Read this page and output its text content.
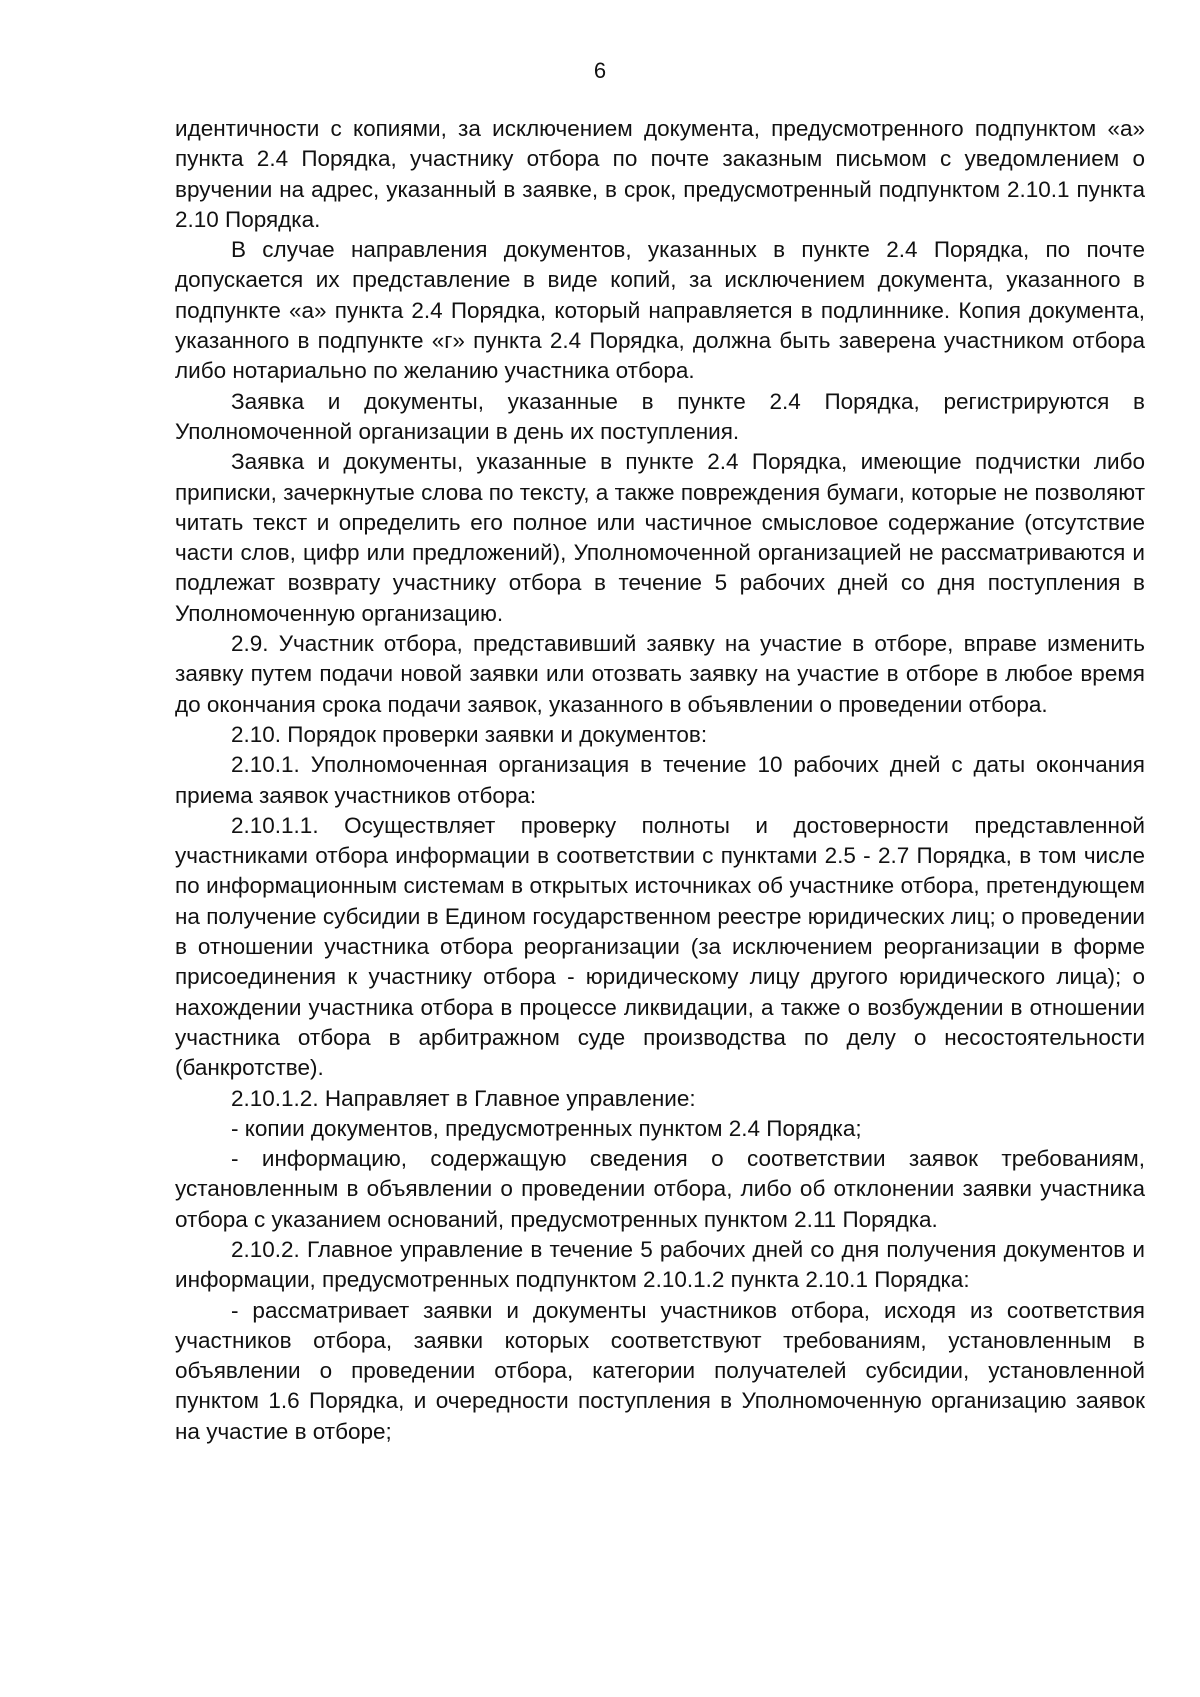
6

идентичности с копиями, за исключением документа, предусмотренного подпунктом «а» пункта 2.4 Порядка, участнику отбора по почте заказным письмом с уведомлением о вручении на адрес, указанный в заявке, в срок, предусмотренный подпунктом 2.10.1 пункта 2.10 Порядка.

В случае направления документов, указанных в пункте 2.4 Порядка, по почте допускается их представление в виде копий, за исключением документа, указанного в подпункте «а» пункта 2.4 Порядка, который направляется в подлиннике. Копия документа, указанного в подпункте «г» пункта 2.4 Порядка, должна быть заверена участником отбора либо нотариально по желанию участника отбора.

Заявка и документы, указанные в пункте 2.4 Порядка, регистрируются в Уполномоченной организации в день их поступления.

Заявка и документы, указанные в пункте 2.4 Порядка, имеющие подчистки либо приписки, зачеркнутые слова по тексту, а также повреждения бумаги, которые не позволяют читать текст и определить его полное или частичное смысловое содержание (отсутствие части слов, цифр или предложений), Уполномоченной организацией не рассматриваются и подлежат возврату участнику отбора в течение 5 рабочих дней со дня поступления в Уполномоченную организацию.

2.9. Участник отбора, представивший заявку на участие в отборе, вправе изменить заявку путем подачи новой заявки или отозвать заявку на участие в отборе в любое время до окончания срока подачи заявок, указанного в объявлении о проведении отбора.

2.10. Порядок проверки заявки и документов:

2.10.1. Уполномоченная организация в течение 10 рабочих дней с даты окончания приема заявок участников отбора:

2.10.1.1. Осуществляет проверку полноты и достоверности представленной участниками отбора информации в соответствии с пунктами 2.5 - 2.7 Порядка, в том числе по информационным системам в открытых источниках об участнике отбора, претендующем на получение субсидии в Едином государственном реестре юридических лиц; о проведении в отношении участника отбора реорганизации (за исключением реорганизации в форме присоединения к участнику отбора - юридическому лицу другого юридического лица); о нахождении участника отбора в процессе ликвидации, а также о возбуждении в отношении участника отбора в арбитражном суде производства по делу о несостоятельности (банкротстве).

2.10.1.2. Направляет в Главное управление:

- копии документов, предусмотренных пунктом 2.4 Порядка;

- информацию, содержащую сведения о соответствии заявок требованиям, установленным в объявлении о проведении отбора, либо об отклонении заявки участника отбора с указанием оснований, предусмотренных пунктом 2.11 Порядка.

2.10.2. Главное управление в течение 5 рабочих дней со дня получения документов и информации, предусмотренных подпунктом 2.10.1.2 пункта 2.10.1 Порядка:

- рассматривает заявки и документы участников отбора, исходя из соответствия участников отбора, заявки которых соответствуют требованиям, установленным в объявлении о проведении отбора, категории получателей субсидии, установленной пунктом 1.6 Порядка, и очередности поступления в Уполномоченную организацию заявок на участие в отборе;
